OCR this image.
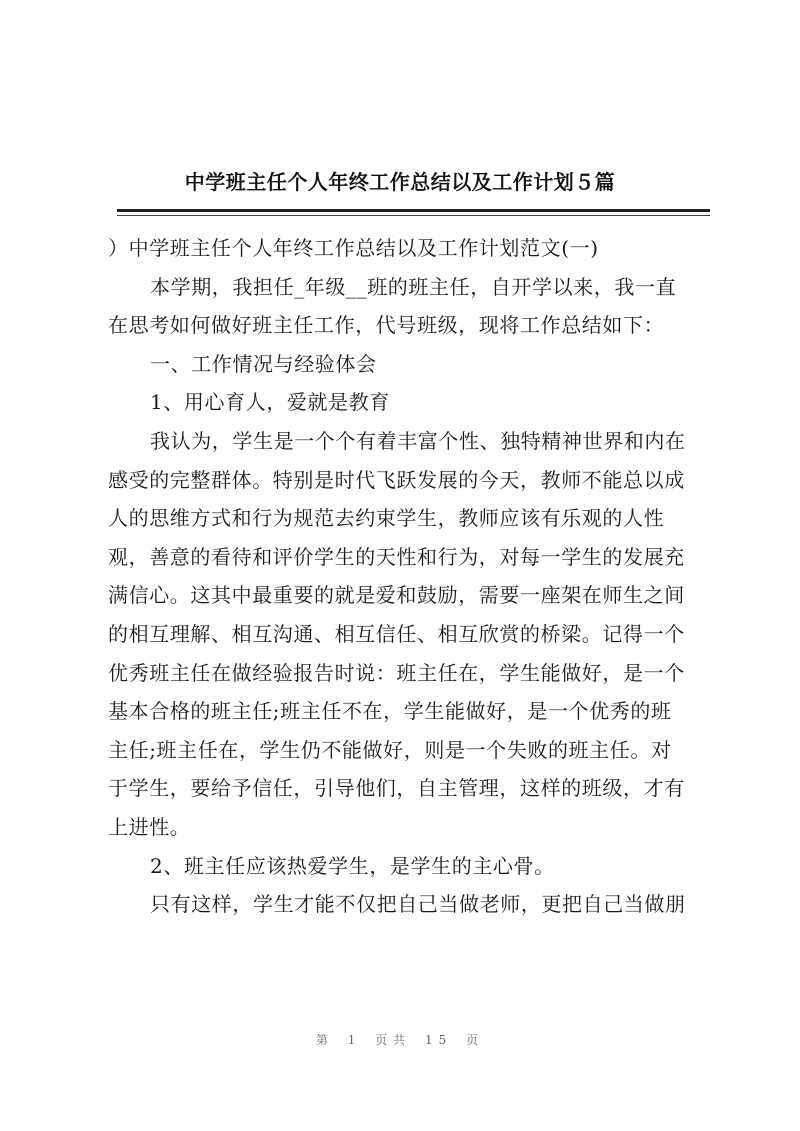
中学班主任个人年终工作总结以及工作计划５篇
）中学班主任个人年终工作总结以及工作计划范文(一)
本学期，我担任_年级__班的班主任，自开学以来，我一直
在思考如何做好班主任工作，代号班级，现将工作总结如下：
一、工作情况与经验体会
1、用心育人，爱就是教育
我认为，学生是一个个有着丰富个性、独特精神世界和内在
感受的完整群体。特别是时代飞跃发展的今天，教师不能总以成
人的思维方式和行为规范去约束学生，教师应该有乐观的人性
观，善意的看待和评价学生的天性和行为，对每一学生的发展充
满信心。这其中最重要的就是爱和鼓励，需要一座架在师生之间
的相互理解、相互沟通、相互信任、相互欣赏的桥梁。记得一个
优秀班主任在做经验报告时说：班主任在，学生能做好，是一个
基本合格的班主任;班主任不在，学生能做好，是一个优秀的班
主任;班主任在，学生仍不能做好，则是一个失败的班主任。对
于学生，要给予信任，引导他们，自主管理，这样的班级，才有
上进性。
2、班主任应该热爱学生，是学生的主心骨。
只有这样，学生才能不仅把自己当做老师，更把自己当做朋
第 1 页共 15 页
